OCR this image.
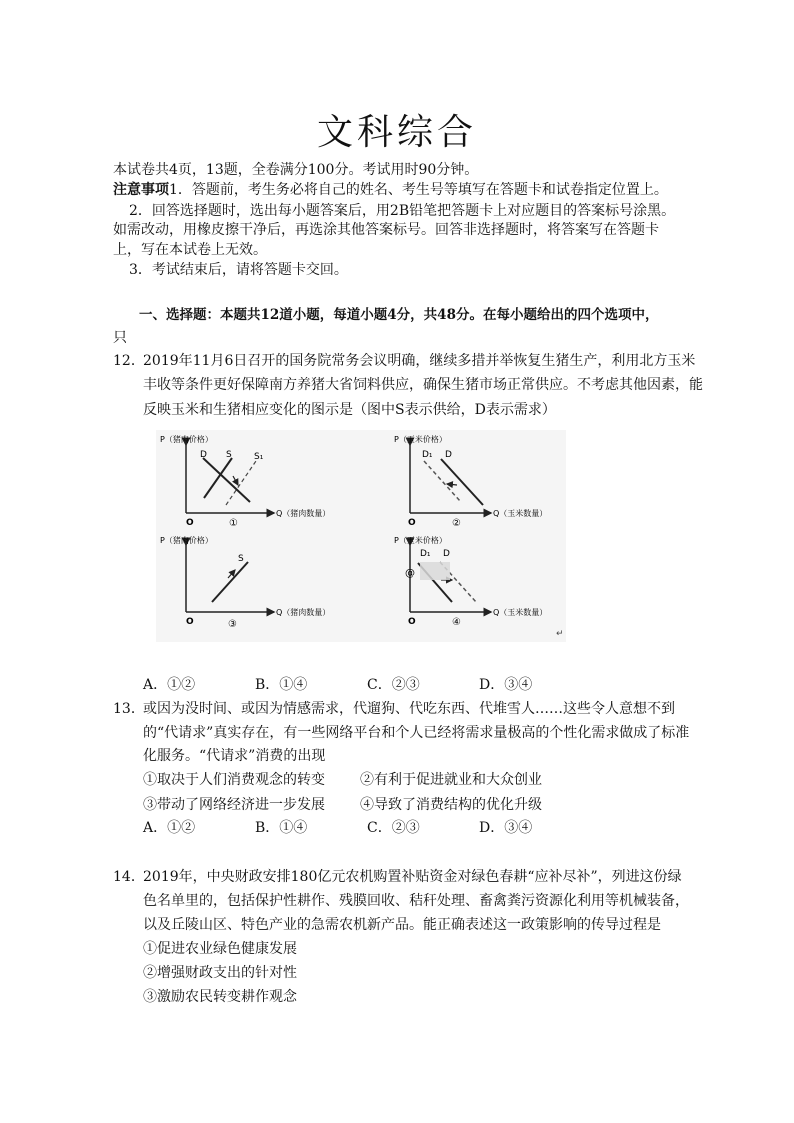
文科综合
本试卷共4页，13题，全卷满分100分。考试用时90分钟。
注意事项1．答题前，考生务必将自己的姓名、考生号等填写在答题卡和试卷指定位置上。
2．回答选择题时，选出每小题答案后，用2B铅笔把答题卡上对应题目的答案标号涂黑。
如需改动，用橡皮擦干净后，再选涂其他答案标号。回答非选择题时，将答案写在答题卡
上，写在本试卷上无效。
3．考试结束后，请将答题卡交回。
一、选择题：本题共12道小题，每道小题4分，共48分。在每小题给出的四个选项中，
只
12．
2019年11月6日召开的国务院常务会议明确，继续多措并举恢复生猪生产，利用北方玉米
丰收等条件更好保障南方养猪大省饲料供应，确保生猪市场正常供应。不考虑其他因素，能
反映玉米和生猪相应变化的图示是（图中S表示供给，D表示需求）
P（猪肉价格）
Q（猪肉数量）
O
D S S₁
①
P（玉米价格）
Q（玉米数量）
O
D₁ D
②
P（猪肉价格）
Q（猪肉数量）
O
S
③
P（玉米价格）
Q（玉米数量）
O
D₁ D
@
④
↵
A．①②	B．①④	C．②③	D．③④
13．
或因为没时间、或因为情感需求，代遛狗、代吃东西、代堆雪人……这些令人意想不到
的“代请求”真实存在，有一些网络平台和个人已经将需求量极高的个性化需求做成了标准
化服务。“代请求”消费的出现
①取决于人们消费观念的转变	②有利于促进就业和大众创业
③带动了网络经济进一步发展	④导致了消费结构的优化升级
A．①②	B．①④	C．②③	D．③④
14．
2019年，中央财政安排180亿元农机购置补贴资金对绿色春耕“应补尽补”，列进这份绿
色名单里的，包括保护性耕作、残膜回收、秸秆处理、畜禽粪污资源化利用等机械装备，
以及丘陵山区、特色产业的急需农机新产品。能正确表述这一政策影响的传导过程是
①促进农业绿色健康发展
②增强财政支出的针对性
③激励农民转变耕作观念
